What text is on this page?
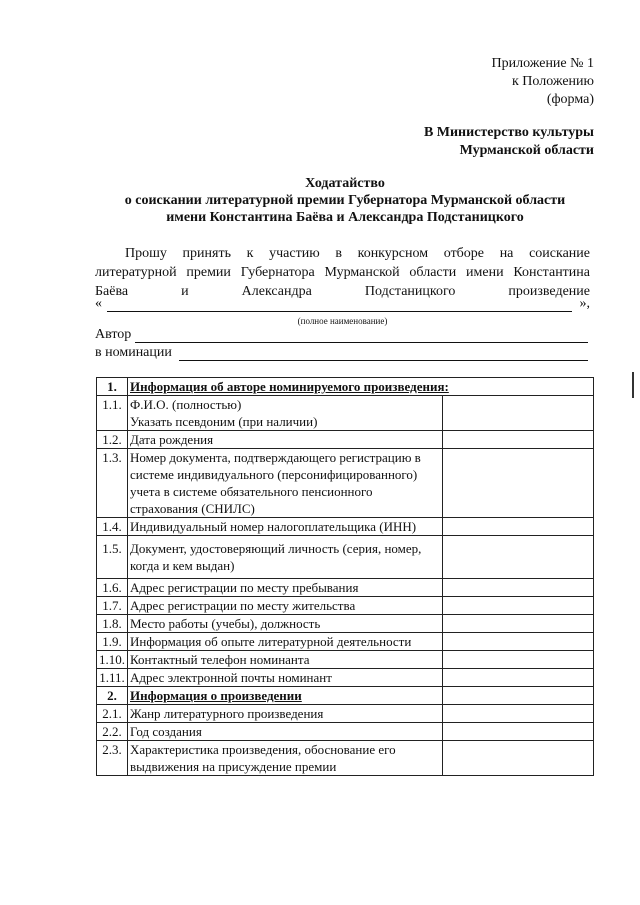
Приложение № 1
к Положению
(форма)
В Министерство культуры
Мурманской области
Ходатайство
о соискании литературной премии Губернатора Мурманской области
имени Константина Баёва и Александра Подстаницкого
Прошу принять к участию в конкурсном отборе на соискание
литературной премии Губернатора Мурманской области имени Константина
Баёва и Александра Подстаницкого произведение
«	»,
(полное наименование)
Автор
в номинации
1.	Информация об авторе номинируемого произведения:	
1.1.	Ф.И.О. (полностью)
Указать псевдоним (при наличии)	

1.2.	Дата рождения	
1.3.	Номер документа, подтверждающего регистрацию в системе индивидуального (персонифицированного) учета в системе обязательного пенсионного страхования (СНИЛС)	
1.4.	Индивидуальный номер налогоплательщика (ИНН)	
1.5.	Документ, удостоверяющий личность (серия, номер, когда и кем выдан)	
1.6.	Адрес регистрации по месту пребывания	
1.7.	Адрес регистрации по месту жительства	
1.8.	Место работы (учебы), должность	
1.9.	Информация об опыте литературной деятельности	
1.10.	Контактный телефон номинанта	
1.11.	Адрес электронной почты номинант	
2.	Информация о произведении	
2.1.	Жанр литературного произведения	
2.2.	Год создания	
2.3.	Характеристика произведения, обоснование его выдвижения на присуждение премии	
